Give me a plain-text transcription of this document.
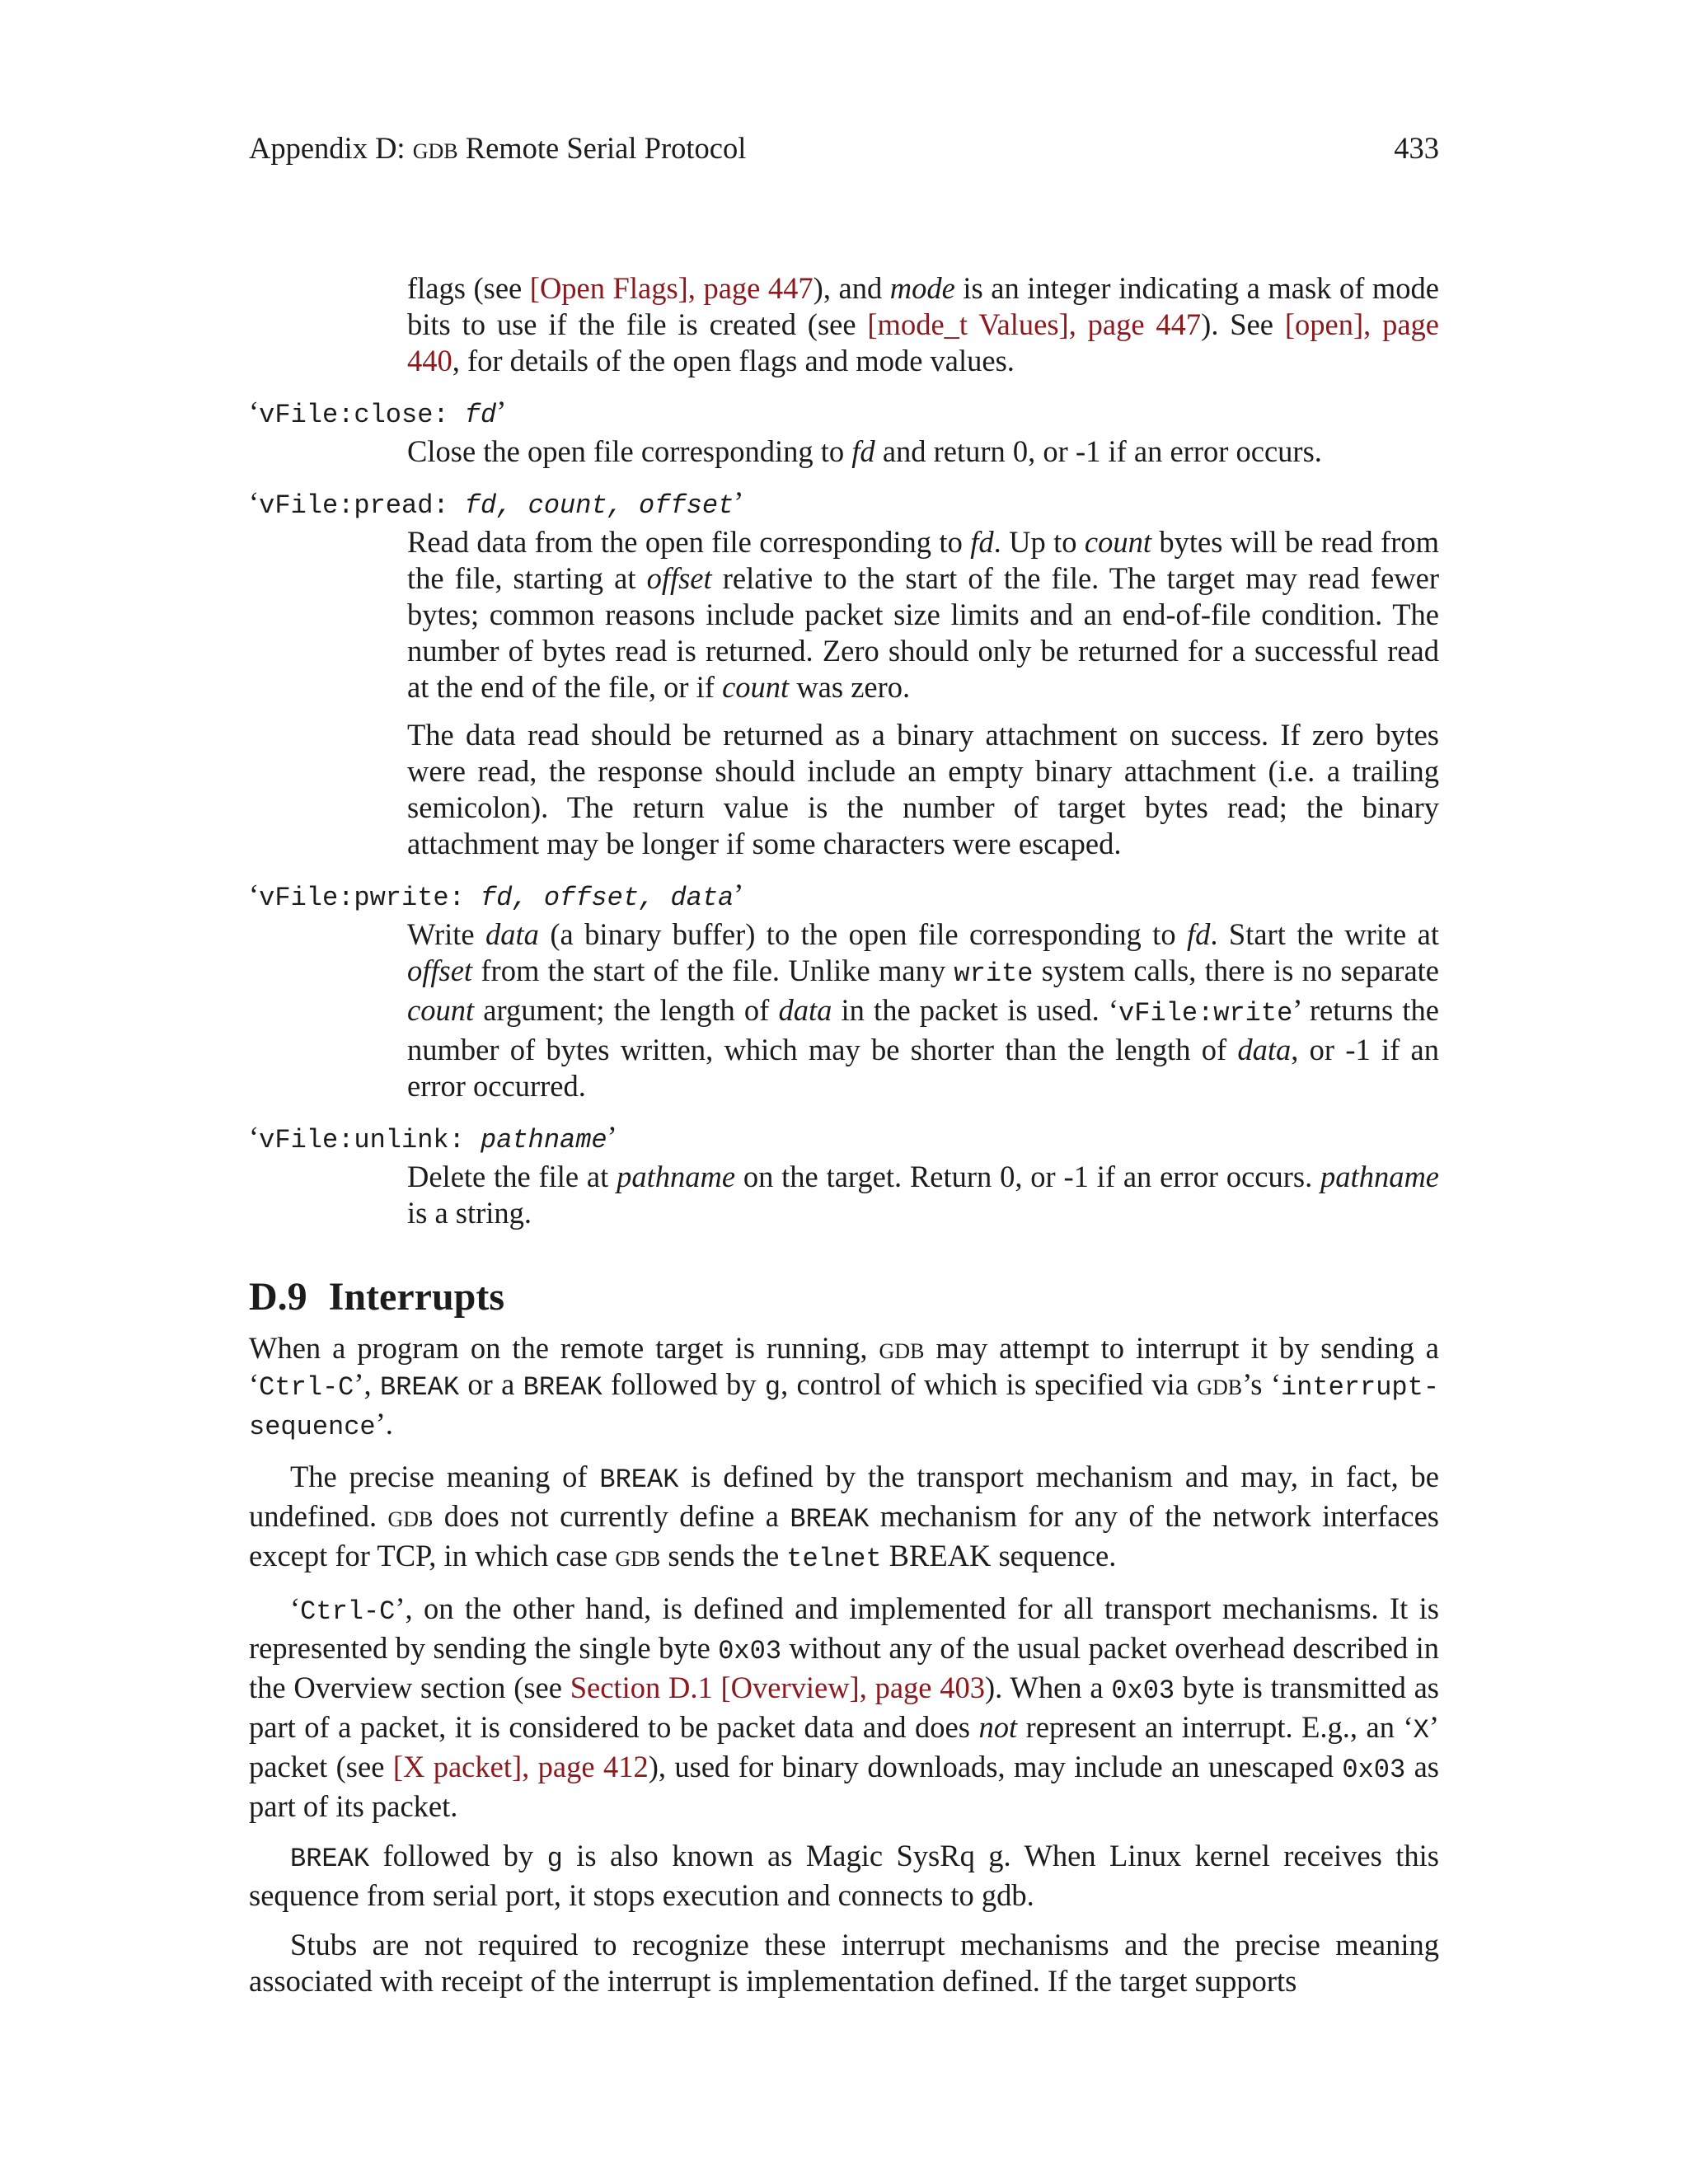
Appendix D: gdb Remote Serial Protocol	433
flags (see [Open Flags], page 447), and mode is an integer indicating a mask of mode bits to use if the file is created (see [mode_t Values], page 447). See [open], page 440, for details of the open flags and mode values.
‘vFile:close: fd’

Close the open file corresponding to fd and return 0, or -1 if an error occurs.

‘vFile:pread: fd, count, offset’

Read data from the open file corresponding to fd. Up to count bytes will be read from the file, starting at offset relative to the start of the file. The target may read fewer bytes; common reasons include packet size limits and an end-of-file condition. The number of bytes read is returned. Zero should only be returned for a successful read at the end of the file, or if count was zero.

The data read should be returned as a binary attachment on success. If zero bytes were read, the response should include an empty binary attachment (i.e. a trailing semicolon). The return value is the number of target bytes read; the binary attachment may be longer if some characters were escaped.

‘vFile:pwrite: fd, offset, data’

Write data (a binary buffer) to the open file corresponding to fd. Start the write at offset from the start of the file. Unlike many write system calls, there is no separate count argument; the length of data in the packet is used. ‘vFile:write’ returns the number of bytes written, which may be shorter than the length of data, or -1 if an error occurred.

‘vFile:unlink: pathname’

Delete the file at pathname on the target. Return 0, or -1 if an error occurs. pathname is a string.

D.9 Interrupts

When a program on the remote target is running, gdb may attempt to interrupt it by sending a ‘Ctrl-C’, BREAK or a BREAK followed by g, control of which is specified via gdb’s ‘interrupt-sequence’.

The precise meaning of BREAK is defined by the transport mechanism and may, in fact, be undefined. gdb does not currently define a BREAK mechanism for any of the network interfaces except for TCP, in which case gdb sends the telnet BREAK sequence.

‘Ctrl-C’, on the other hand, is defined and implemented for all transport mechanisms. It is represented by sending the single byte 0x03 without any of the usual packet overhead described in the Overview section (see Section D.1 [Overview], page 403). When a 0x03 byte is transmitted as part of a packet, it is considered to be packet data and does not represent an interrupt. E.g., an ‘X’ packet (see [X packet], page 412), used for binary downloads, may include an unescaped 0x03 as part of its packet.

BREAK followed by g is also known as Magic SysRq g. When Linux kernel receives this sequence from serial port, it stops execution and connects to gdb.

Stubs are not required to recognize these interrupt mechanisms and the precise meaning associated with receipt of the interrupt is implementation defined. If the target supports
